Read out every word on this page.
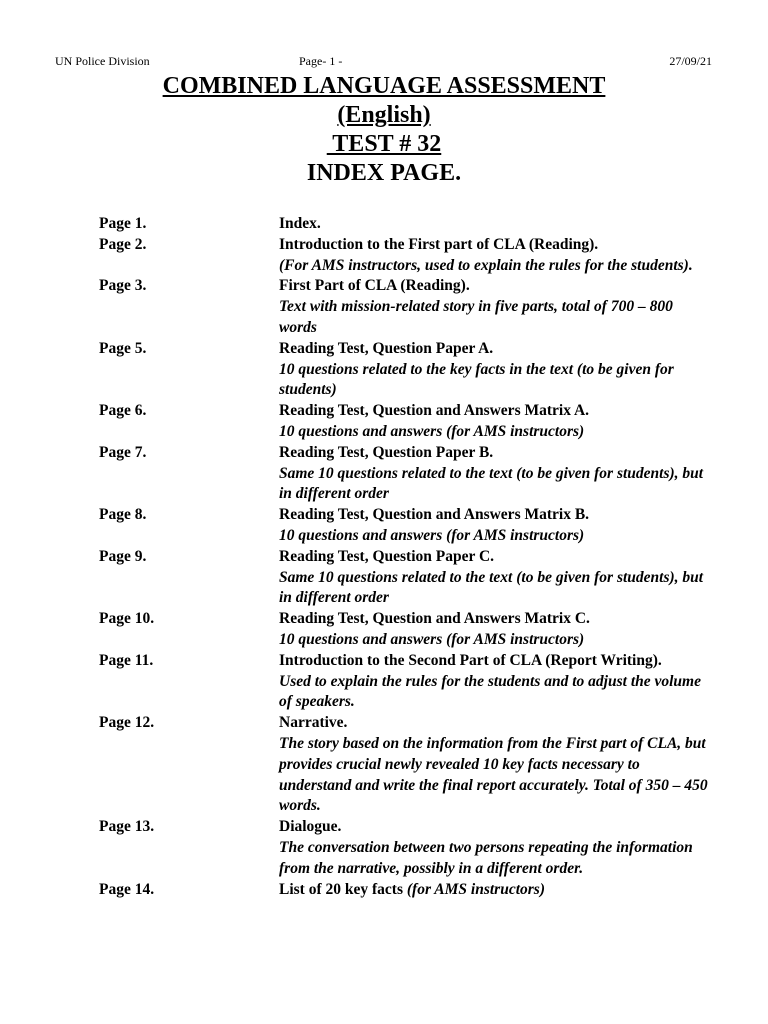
UN Police Division	Page- 1 -	27/09/21
COMBINED LANGUAGE ASSESSMENT
(English)
TEST # 32
INDEX PAGE.
Page 1.	Index.
Page 2.	Introduction to the First part of CLA (Reading).
(For AMS instructors, used to explain the rules for the students).
Page 3.	First Part of CLA (Reading).
Text with mission-related story in five parts, total of 700 – 800 words
Page 5.	Reading Test, Question Paper A.
10 questions related to the key facts in the text (to be given for students)
Page 6.	Reading Test, Question and Answers Matrix A.
10 questions and answers (for AMS instructors)
Page 7.	Reading Test, Question Paper B.
Same 10 questions related to the text (to be given for students), but in different order
Page 8.	Reading Test, Question and Answers Matrix B.
10 questions and answers (for AMS instructors)
Page 9.	Reading Test, Question Paper C.
Same 10 questions related to the text (to be given for students), but in different order
Page 10.	Reading Test, Question and Answers Matrix C.
10 questions and answers (for AMS instructors)
Page 11.	Introduction to the Second Part of CLA (Report Writing).
Used to explain the rules for the students and to adjust the volume of speakers.
Page 12.	Narrative.
The story based on the information from the First part of CLA, but provides crucial newly revealed 10 key facts necessary to understand and write the final report accurately. Total of 350 – 450 words.
Page 13.	Dialogue.
The conversation between two persons repeating the information from the narrative, possibly in a different order.
Page 14.	List of 20 key facts (for AMS instructors)
